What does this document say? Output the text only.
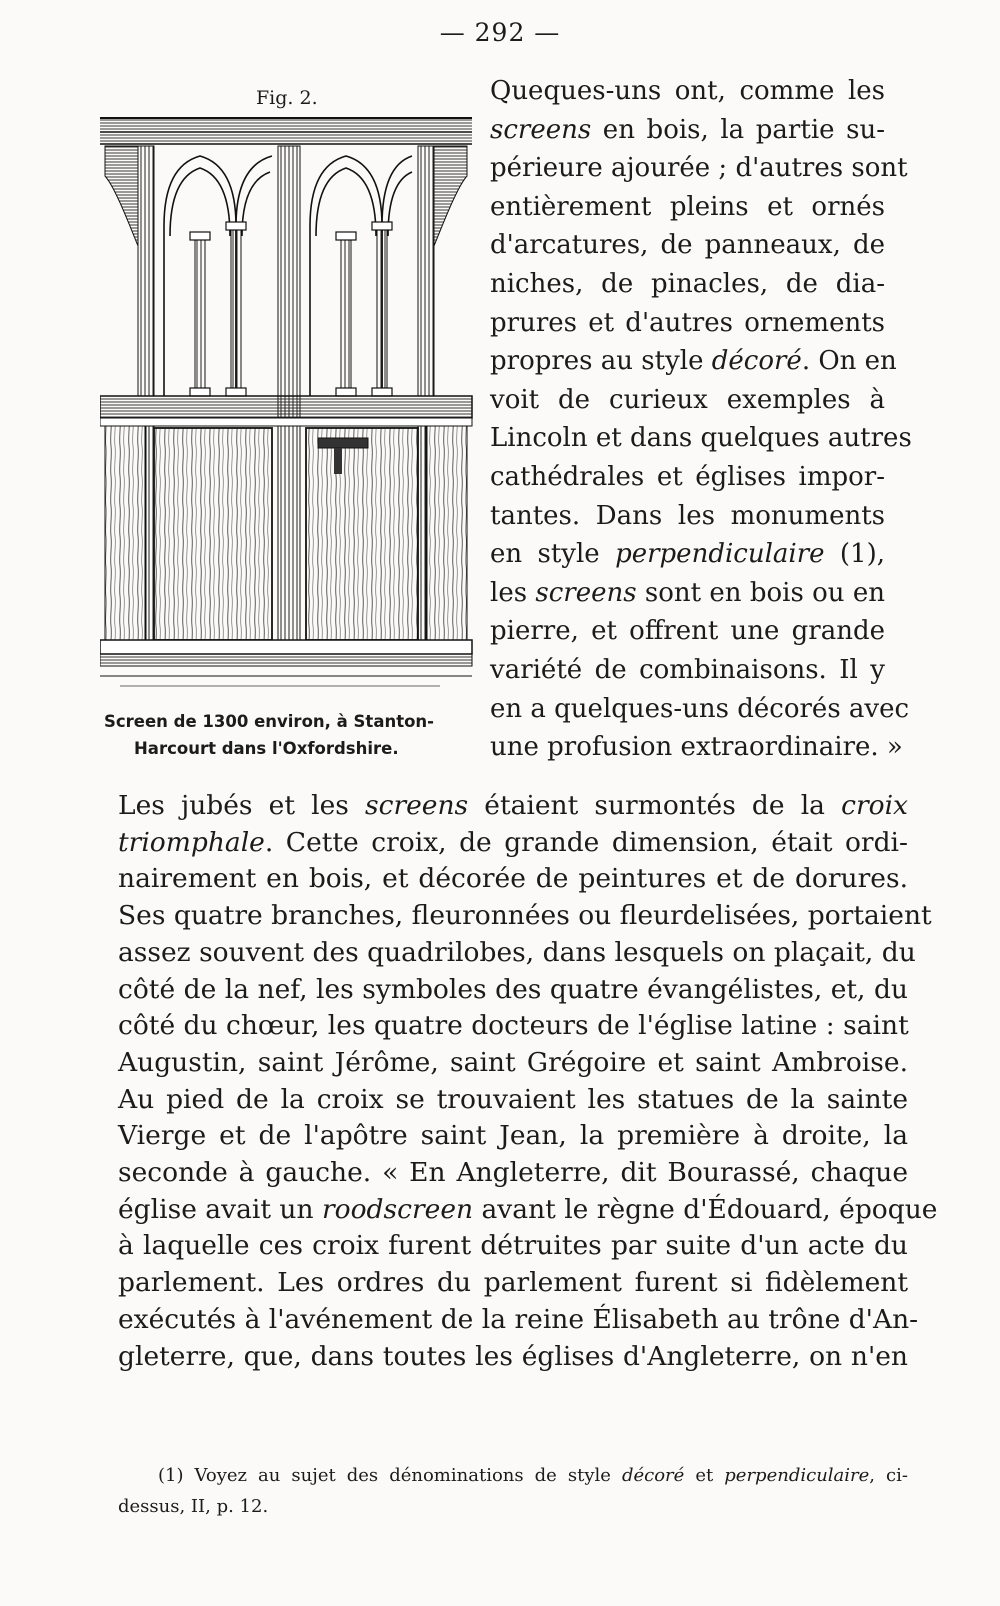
— 292 —
Fig. 2.
Screen de 1300 environ, à Stanton-
Harcourt dans l'Oxfordshire.
Queques-uns ont, comme les
screens en bois, la partie su-
périeure ajourée ; d'autres sont
entièrement pleins et ornés
d'arcatures, de panneaux, de
niches, de pinacles, de dia-
prures et d'autres ornements
propres au style décoré. On en
voit de curieux exemples à
Lincoln et dans quelques autres
cathédrales et églises impor-
tantes. Dans les monuments
en style perpendiculaire (1),
les screens sont en bois ou en
pierre, et offrent une grande
variété de combinaisons. Il y
en a quelques-uns décorés avec
une profusion extraordinaire. »
Les jubés et les screens étaient surmontés de la croix
triomphale. Cette croix, de grande dimension, était ordi-
nairement en bois, et décorée de peintures et de dorures.
Ses quatre branches, fleuronnées ou fleurdelisées, portaient
assez souvent des quadrilobes, dans lesquels on plaçait, du
côté de la nef, les symboles des quatre évangélistes, et, du
côté du chœur, les quatre docteurs de l'église latine : saint
Augustin, saint Jérôme, saint Grégoire et saint Ambroise.
Au pied de la croix se trouvaient les statues de la sainte
Vierge et de l'apôtre saint Jean, la première à droite, la
seconde à gauche. « En Angleterre, dit Bourassé, chaque
église avait un roodscreen avant le règne d'Édouard, époque
à laquelle ces croix furent détruites par suite d'un acte du
parlement. Les ordres du parlement furent si fidèlement
exécutés à l'avénement de la reine Élisabeth au trône d'An-
gleterre, que, dans toutes les églises d'Angleterre, on n'en
(1) Voyez au sujet des dénominations de style décoré et perpendiculaire, ci-
dessus, II, p. 12.
